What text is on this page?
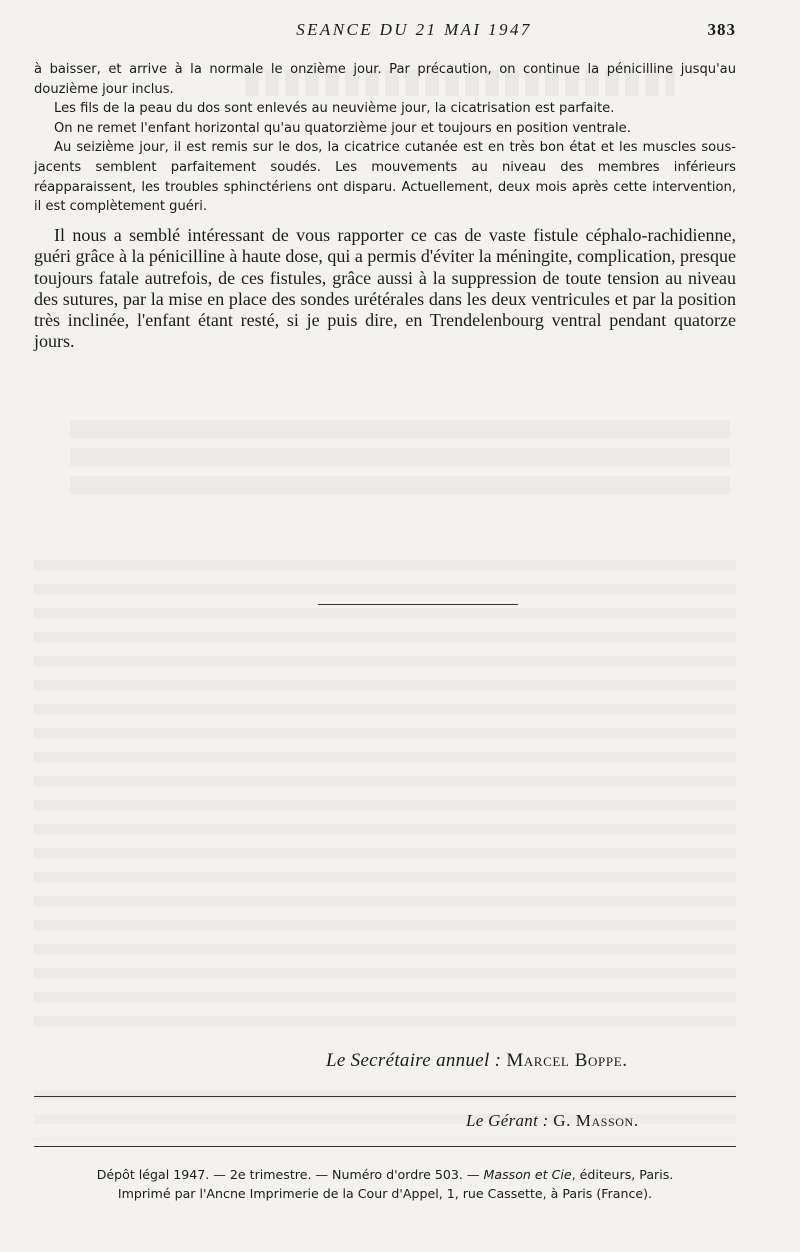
SEANCE DU 21 MAI 1947	383

à baisser, et arrive à la normale le onzième jour. Par précaution, on continue la pénicilline jusqu'au douzième jour inclus.

Les fils de la peau du dos sont enlevés au neuvième jour, la cicatrisation est parfaite.

On ne remet l'enfant horizontal qu'au quatorzième jour et toujours en position ventrale.

Au seizième jour, il est remis sur le dos, la cicatrice cutanée est en très bon état et les muscles sous-jacents semblent parfaitement soudés. Les mouvements au niveau des membres inférieurs réapparaissent, les troubles sphinctériens ont disparu. Actuellement, deux mois après cette intervention, il est complètement guéri.

Il nous a semblé intéressant de vous rapporter ce cas de vaste fistule céphalo-rachidienne, guéri grâce à la pénicilline à haute dose, qui a permis d'éviter la méningite, complication, presque toujours fatale autrefois, de ces fistules, grâce aussi à la suppression de toute tension au niveau des sutures, par la mise en place des sondes urétérales dans les deux ventricules et par la position très inclinée, l'enfant étant resté, si je puis dire, en Trendelenbourg ventral pendant quatorze jours.

Le Secrétaire annuel : Marcel Boppe.
Le Gérant : G. Masson.
Dépôt légal 1947. — 2e trimestre. — Numéro d'ordre 503. — Masson et Cie, éditeurs, Paris.
Imprimé par l'Ancne Imprimerie de la Cour d'Appel, 1, rue Cassette, à Paris (France).
